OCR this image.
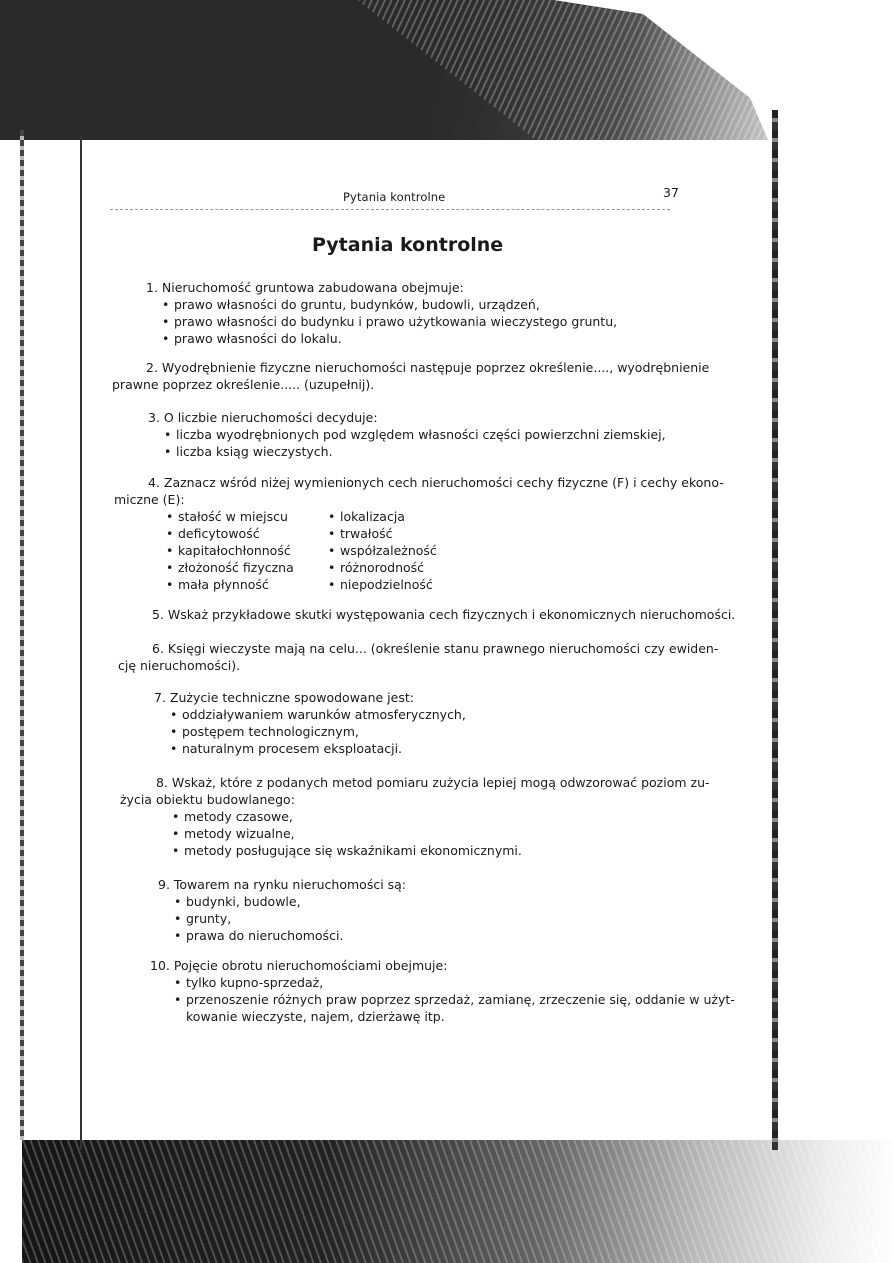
Pytania kontrolne	37
Pytania kontrolne
1. Nieruchomość gruntowa zabudowana obejmuje:
• prawo własności do gruntu, budynków, budowli, urządzeń,
• prawo własności do budynku i prawo użytkowania wieczystego gruntu,
• prawo własności do lokalu.
2. Wyodrębnienie fizyczne nieruchomości następuje poprzez określenie...., wyodrębnienie
prawne poprzez określenie..... (uzupełnij).
3. O liczbie nieruchomości decyduje:
• liczba wyodrębnionych pod względem własności części powierzchni ziemskiej,
• liczba ksiąg wieczystych.
4. Zaznacz wśród niżej wymienionych cech nieruchomości cechy fizyczne (F) i cechy ekono-
miczne (E):
• stałość w miejscu
• deficytowość
• kapitałochłonność
• złożoność fizyczna
• mała płynność
• lokalizacja
• trwałość
• współzależność
• różnorodność
• niepodzielność
5. Wskaż przykładowe skutki występowania cech fizycznych i ekonomicznych nieruchomości.
6. Księgi wieczyste mają na celu... (określenie stanu prawnego nieruchomości czy ewiden-
cję nieruchomości).
7. Zużycie techniczne spowodowane jest:
• oddziaływaniem warunków atmosferycznych,
• postępem technologicznym,
• naturalnym procesem eksploatacji.
8. Wskaż, które z podanych metod pomiaru zużycia lepiej mogą odwzorować poziom zu-
życia obiektu budowlanego:
• metody czasowe,
• metody wizualne,
• metody posługujące się wskaźnikami ekonomicznymi.
9. Towarem na rynku nieruchomości są:
• budynki, budowle,
• grunty,
• prawa do nieruchomości.
10. Pojęcie obrotu nieruchomościami obejmuje:
• tylko kupno-sprzedaż,
• przenoszenie różnych praw poprzez sprzedaż, zamianę, zrzeczenie się, oddanie w użyt-
kowanie wieczyste, najem, dzierżawę itp.
